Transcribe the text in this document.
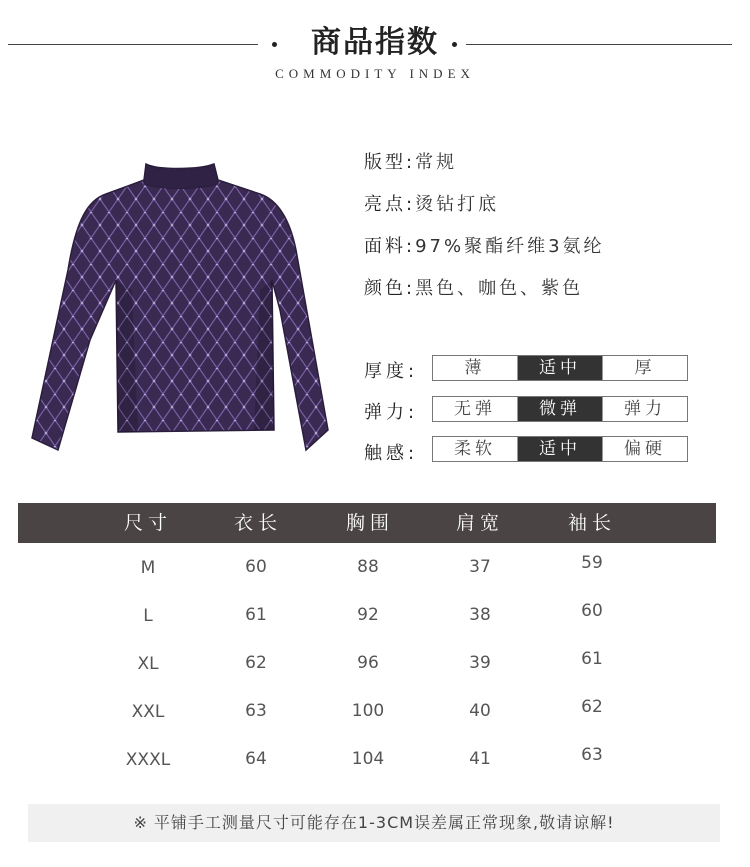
商品指数
COMMODITY INDEX
版型:常规
亮点:烫钻打底
面料:97%聚酯纤维3氨纶
颜色:黑色、咖色、紫色
厚度:	薄	适中	厚
弹力:	无弹	微弹	弹力
触感:	柔软	适中	偏硬
尺寸	衣长	胸围	肩宽	袖长
M	60	88	37	59
L	61	92	38	60
XL	62	96	39	61
XXL	63	100	40	62
XXXL	64	104	41	63
※ 平铺手工测量尺寸可能存在1-3CM误差属正常现象,敬请谅解!
